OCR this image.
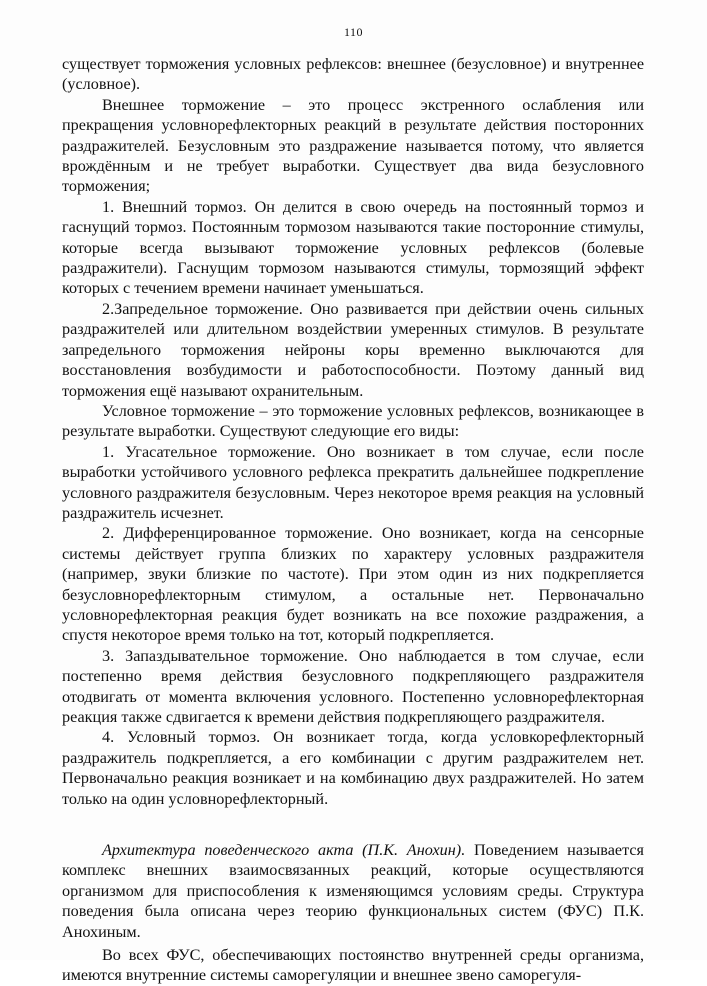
110

существует торможения условных рефлексов: внешнее (безусловное) и внутреннее (условное).

Внешнее торможение – это процесс экстренного ослабления или прекращения условнорефлекторных реакций в результате действия посторонних раздражителей. Безусловным это раздражение называется потому, что является врождённым и не требует выработки. Существует два вида безусловного торможения;

1. Внешний тормоз. Он делится в свою очередь на постоянный тормоз и гаснущий тормоз. Постоянным тормозом называются такие посторонние стимулы, которые всегда вызывают торможение условных рефлексов (болевые раздражители). Гаснущим тормозом называются стимулы, тормозящий эффект которых с течением времени начинает уменьшаться.

2.Запредельное торможение. Оно развивается при действии очень сильных раздражителей или длительном воздействии умеренных стимулов. В результате запредельного торможения нейроны коры временно выключаются для восстановления возбудимости и работоспособности. Поэтому данный вид торможения ещё называют охранительным.

Условное торможение – это торможение условных рефлексов, возникающее в результате выработки. Существуют следующие его виды:

1. Угасательное торможение. Оно возникает в том случае, если после выработки устойчивого условного рефлекса прекратить дальнейшее подкрепление условного раздражителя безусловным. Через некоторое время реакция на условный раздражитель исчезнет.

2. Дифференцированное торможение. Оно возникает, когда на сенсорные системы действует группа близких по характеру условных раздражителя (например, звуки близкие по частоте). При этом один из них подкрепляется безусловнорефлекторным стимулом, а остальные нет. Первоначально условнорефлекторная реакция будет возникать на все похожие раздражения, а спустя некоторое время только на тот, который подкрепляется.

3. Запаздывательное торможение. Оно наблюдается в том случае, если постепенно время действия безусловного подкрепляющего раздражителя отодвигать от момента включения условного. Постепенно условнорефлекторная реакция также сдвигается к времени действия подкрепляющего раздражителя.

4. Условный тормоз. Он возникает тогда, когда условкорефлекторный раздражитель подкрепляется, а его комбинации с другим раздражителем нет. Первоначально реакция возникает и на комбинацию двух раздражителей. Но затем только на один условнорефлекторный.

Архитектура поведенческого акта (П.К. Анохин). Поведением называется комплекс внешних взаимосвязанных реакций, которые осуществляются организмом для приспособления к изменяющимся условиям среды. Структура поведения была описана через теорию функциональных систем (ФУС) П.К. Анохиным.

Во всех ФУС, обеспечивающих постоянство внутренней среды организма, имеются внутренние системы саморегуляции и внешнее звено саморегуля-
